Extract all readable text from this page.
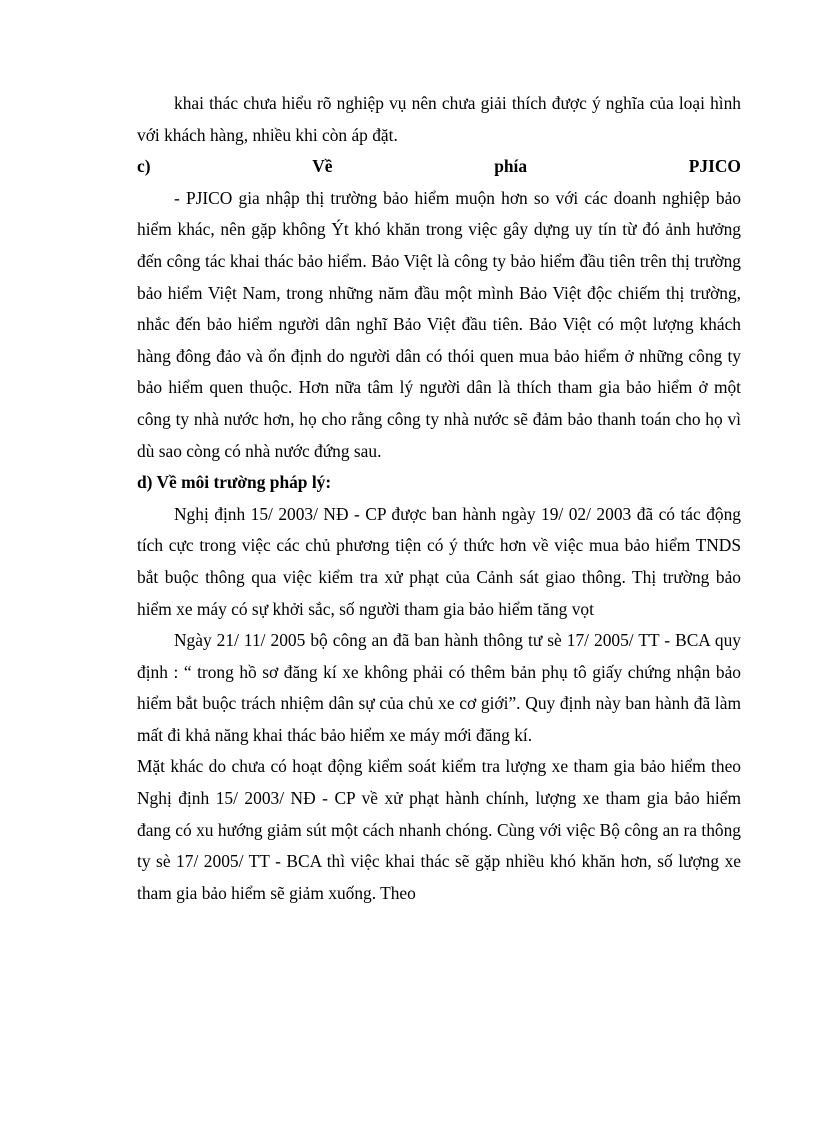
khai thác chưa hiểu rõ nghiệp vụ nên chưa giải thích được ý nghĩa của loại hình với khách hàng, nhiều khi còn áp đặt.

c)	Về	phía	PJICO

- PJICO gia nhập thị trường bảo hiểm muộn hơn so với các doanh nghiệp bảo hiểm khác, nên gặp không Ýt khó khăn trong việc gây dựng uy tín từ đó ảnh hưởng đến công tác khai thác bảo hiểm. Bảo Việt là công ty bảo hiểm đầu tiên trên thị trường bảo hiểm Việt Nam, trong những năm đầu một mình Bảo Việt độc chiếm thị trường, nhắc đến bảo hiểm người dân nghĩ Bảo Việt đầu tiên. Bảo Việt có một lượng khách hàng đông đảo và ổn định do người dân có thói quen mua bảo hiểm ở những công ty bảo hiểm quen thuộc. Hơn nữa tâm lý người dân là thích tham gia bảo hiểm ở một công ty nhà nước hơn, họ cho rằng công ty nhà nước sẽ đảm bảo thanh toán cho họ vì dù sao còng có nhà nước đứng sau.

d) Về môi trường pháp lý:

Nghị định 15/ 2003/ NĐ - CP được ban hành ngày 19/ 02/ 2003 đã có tác động tích cực trong việc các chủ phương tiện có ý thức hơn về việc mua bảo hiểm TNDS bắt buộc thông qua việc kiểm tra xử phạt của Cảnh sát giao thông. Thị trường bảo hiểm xe máy có sự khởi sắc, số người tham gia bảo hiểm tăng vọt

Ngày 21/ 11/ 2005 bộ công an đã ban hành thông tư sè 17/ 2005/ TT - BCA quy định : “ trong hồ sơ đăng kí xe không phải có thêm bản phụ tô giấy chứng nhận bảo hiểm bắt buộc trách nhiệm dân sự của chủ xe cơ giới”. Quy định này ban hành đã làm mất đi khả năng khai thác bảo hiểm xe máy mới đăng kí.

Mặt khác do chưa có hoạt động kiểm soát kiểm tra lượng xe tham gia bảo hiểm theo Nghị định 15/ 2003/ NĐ - CP về xử phạt hành chính, lượng xe tham gia bảo hiểm đang có xu hướng giảm sút một cách nhanh chóng. Cùng với việc Bộ công an ra thông ty sè 17/ 2005/ TT - BCA thì việc khai thác sẽ gặp nhiều khó khăn hơn, số lượng xe tham gia bảo hiểm sẽ giảm xuống. Theo
